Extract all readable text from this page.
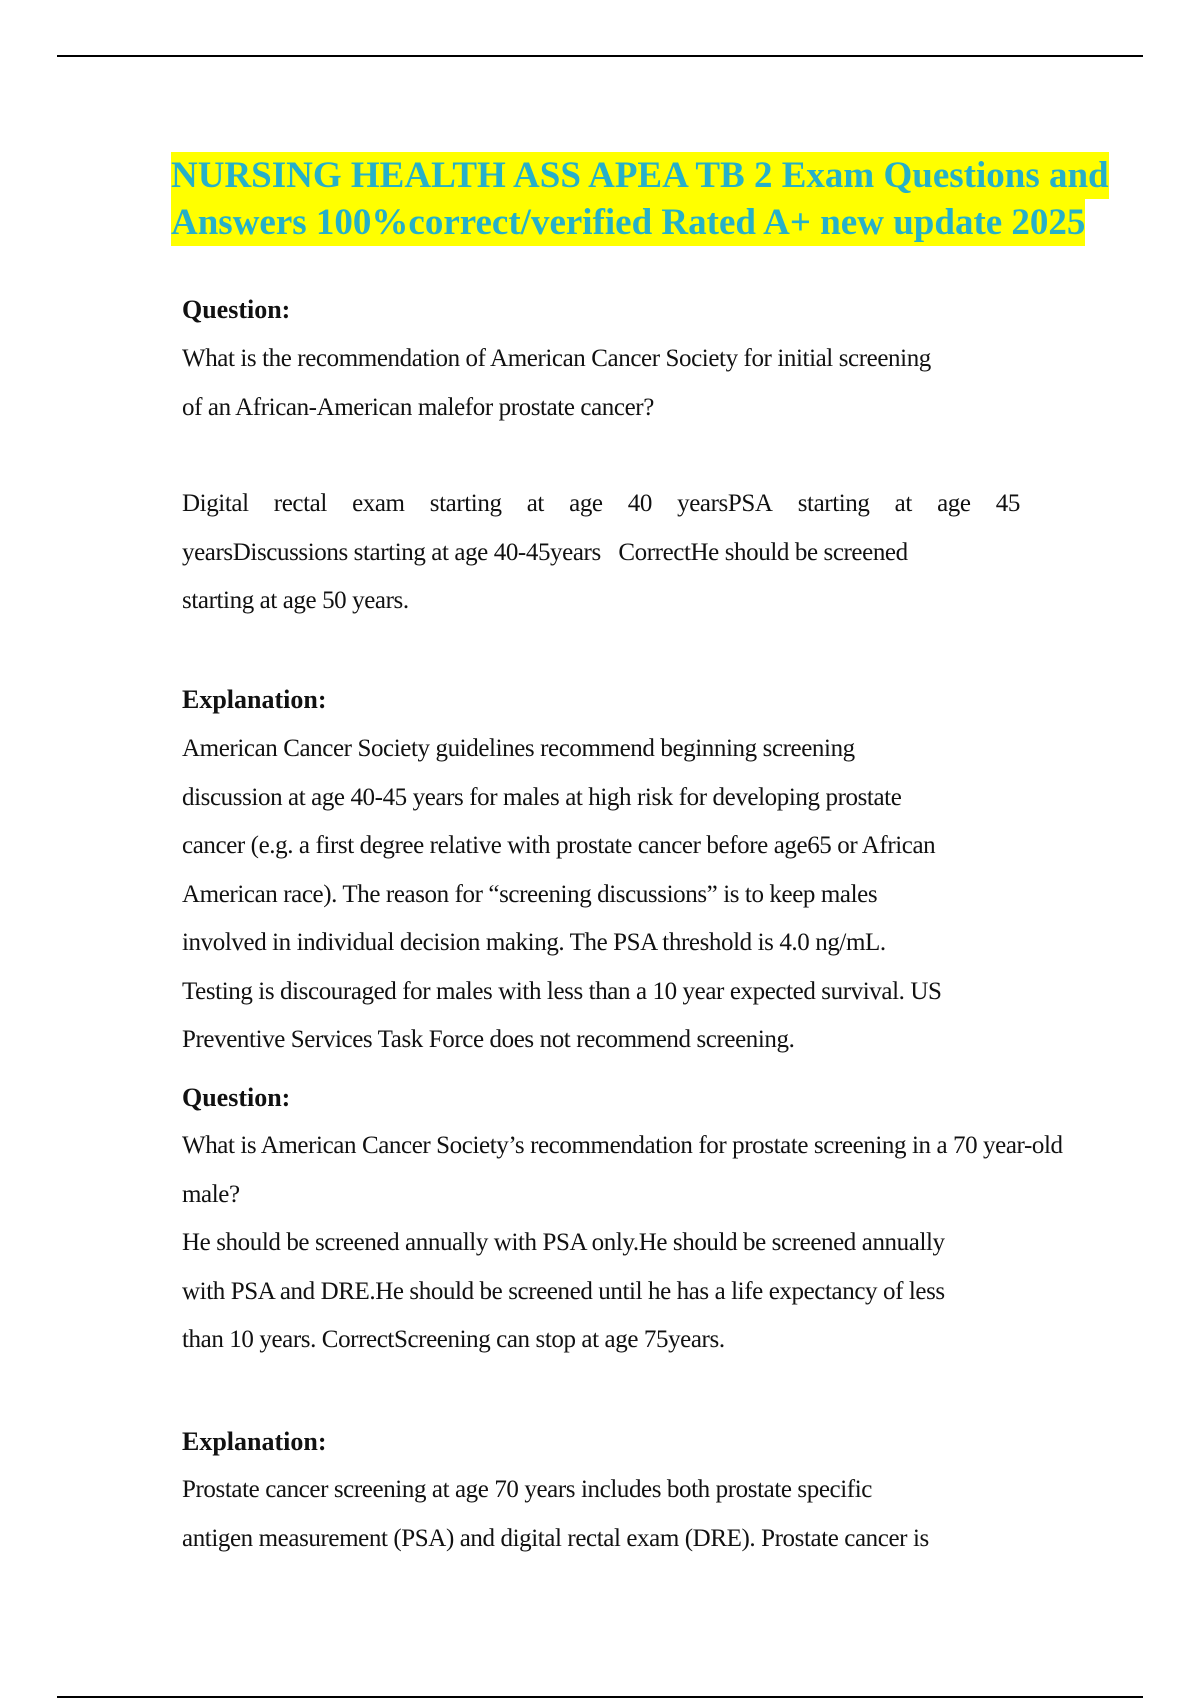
NURSING HEALTH ASS APEA TB 2 Exam Questions and
Answers 100%correct/verified Rated A+ new update 2025
Question:

What is the recommendation of American Cancer Society for initial screening
of an African-American malefor prostate cancer?

Digital rectal exam starting at age 40 yearsPSA starting at age 45
yearsDiscussions starting at age 40-45years   CorrectHe should be screened
starting at age 50 years.

Explanation:

American Cancer Society guidelines recommend beginning screening
discussion at age 40-45 years for males at high risk for developing prostate
cancer (e.g. a first degree relative with prostate cancer before age65 or African
American race). The reason for “screening discussions” is to keep males
involved in individual decision making. The PSA threshold is 4.0 ng/mL.
Testing is discouraged for males with less than a 10 year expected survival. US
Preventive Services Task Force does not recommend screening.

Question:

What is American Cancer Society’s recommendation for prostate screening in a 70 year-old
male?
He should be screened annually with PSA only.He should be screened annually
with PSA and DRE.He should be screened until he has a life expectancy of less
than 10 years. CorrectScreening can stop at age 75years.

Explanation:

Prostate cancer screening at age 70 years includes both prostate specific
antigen measurement (PSA) and digital rectal exam (DRE). Prostate cancer is
